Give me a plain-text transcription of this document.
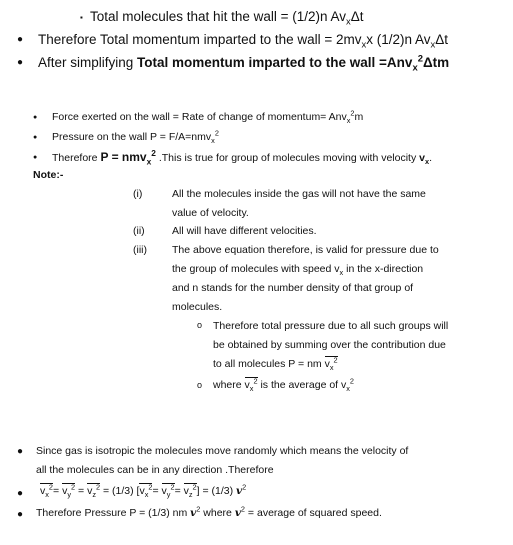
▪ Total molecules that hit the wall = (1/2)n $Av_x\Delta t$
● Therefore Total momentum imparted to the wall = $2mv_xx$ (1/2)n $Av_x\Delta t$
● After simplifying Total momentum imparted to the wall =Anv$_x^2$Δtm
● Force exerted on the wall = Rate of change of momentum= Anv$_x^2$m
● Pressure on the wall P = F/A=nmv$_x^2$
● Therefore P = nmv$_x^2$ .This is true for group of molecules moving with velocity $v_x$.
Note:-
(i)	All the molecules inside the gas will not have the same
value of velocity.
(ii)	All will have different velocities.
(iii) The above equation therefore, is valid for pressure due to
the group of molecules with speed $v_x$ in the x-direction
and n stands for the number density of that group of
molecules.
o Therefore total pressure due to all such groups will
be obtained by summing over the contribution due
to all molecules P = nm $v_x^2$
o where $v_x^2$ is the average of $v_x^2$
● Since gas is isotropic the molecules move randomly which means the velocity of
all the molecules can be in any direction .Therefore
● $v_x^2= v_y^2 = v_z^2 = (1/3)$ $[v_x^2= v_y^2= v_z^2] = (1/3)$ $v^2$
● Therefore Pressure P = (1/3) nm $v^2$ where $v^2$ = average of squared speed.
